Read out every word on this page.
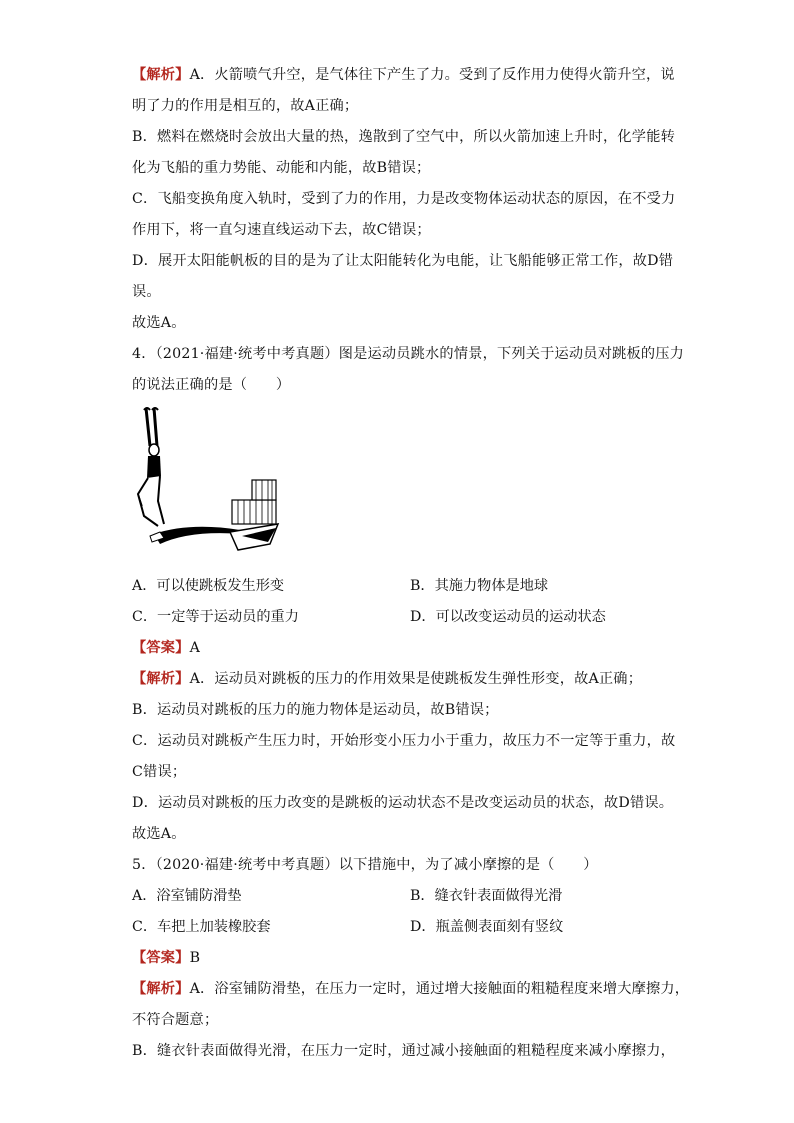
【解析】A．火箭喷气升空，是气体往下产生了力。受到了反作用力使得火箭升空，说
明了力的作用是相互的，故A正确；
B．燃料在燃烧时会放出大量的热，逸散到了空气中，所以火箭加速上升时，化学能转
化为飞船的重力势能、动能和内能，故B错误；
C．飞船变换角度入轨时，受到了力的作用，力是改变物体运动状态的原因，在不受力
作用下，将一直匀速直线运动下去，故C错误；
D．展开太阳能帆板的目的是为了让太阳能转化为电能，让飞船能够正常工作，故D错
误。
故选A。
4．（2021·福建·统考中考真题）图是运动员跳水的情景，下列关于运动员对跳板的压力
的说法正确的是（　　）
A．可以使跳板发生形变	B．其施力物体是地球
C．一定等于运动员的重力	D．可以改变运动员的运动状态
【答案】A
【解析】A．运动员对跳板的压力的作用效果是使跳板发生弹性形变，故A正确；
B．运动员对跳板的压力的施力物体是运动员，故B错误；
C．运动员对跳板产生压力时，开始形变小压力小于重力，故压力不一定等于重力，故
C错误；
D．运动员对跳板的压力改变的是跳板的运动状态不是改变运动员的状态，故D错误。
故选A。
5．（2020·福建·统考中考真题）以下措施中，为了减小摩擦的是（　　）
A．浴室铺防滑垫	B．缝衣针表面做得光滑
C．车把上加装橡胶套	D．瓶盖侧表面刻有竖纹
【答案】B
【解析】A．浴室铺防滑垫，在压力一定时，通过增大接触面的粗糙程度来增大摩擦力，
不符合题意；
B．缝衣针表面做得光滑，在压力一定时，通过减小接触面的粗糙程度来减小摩擦力，
